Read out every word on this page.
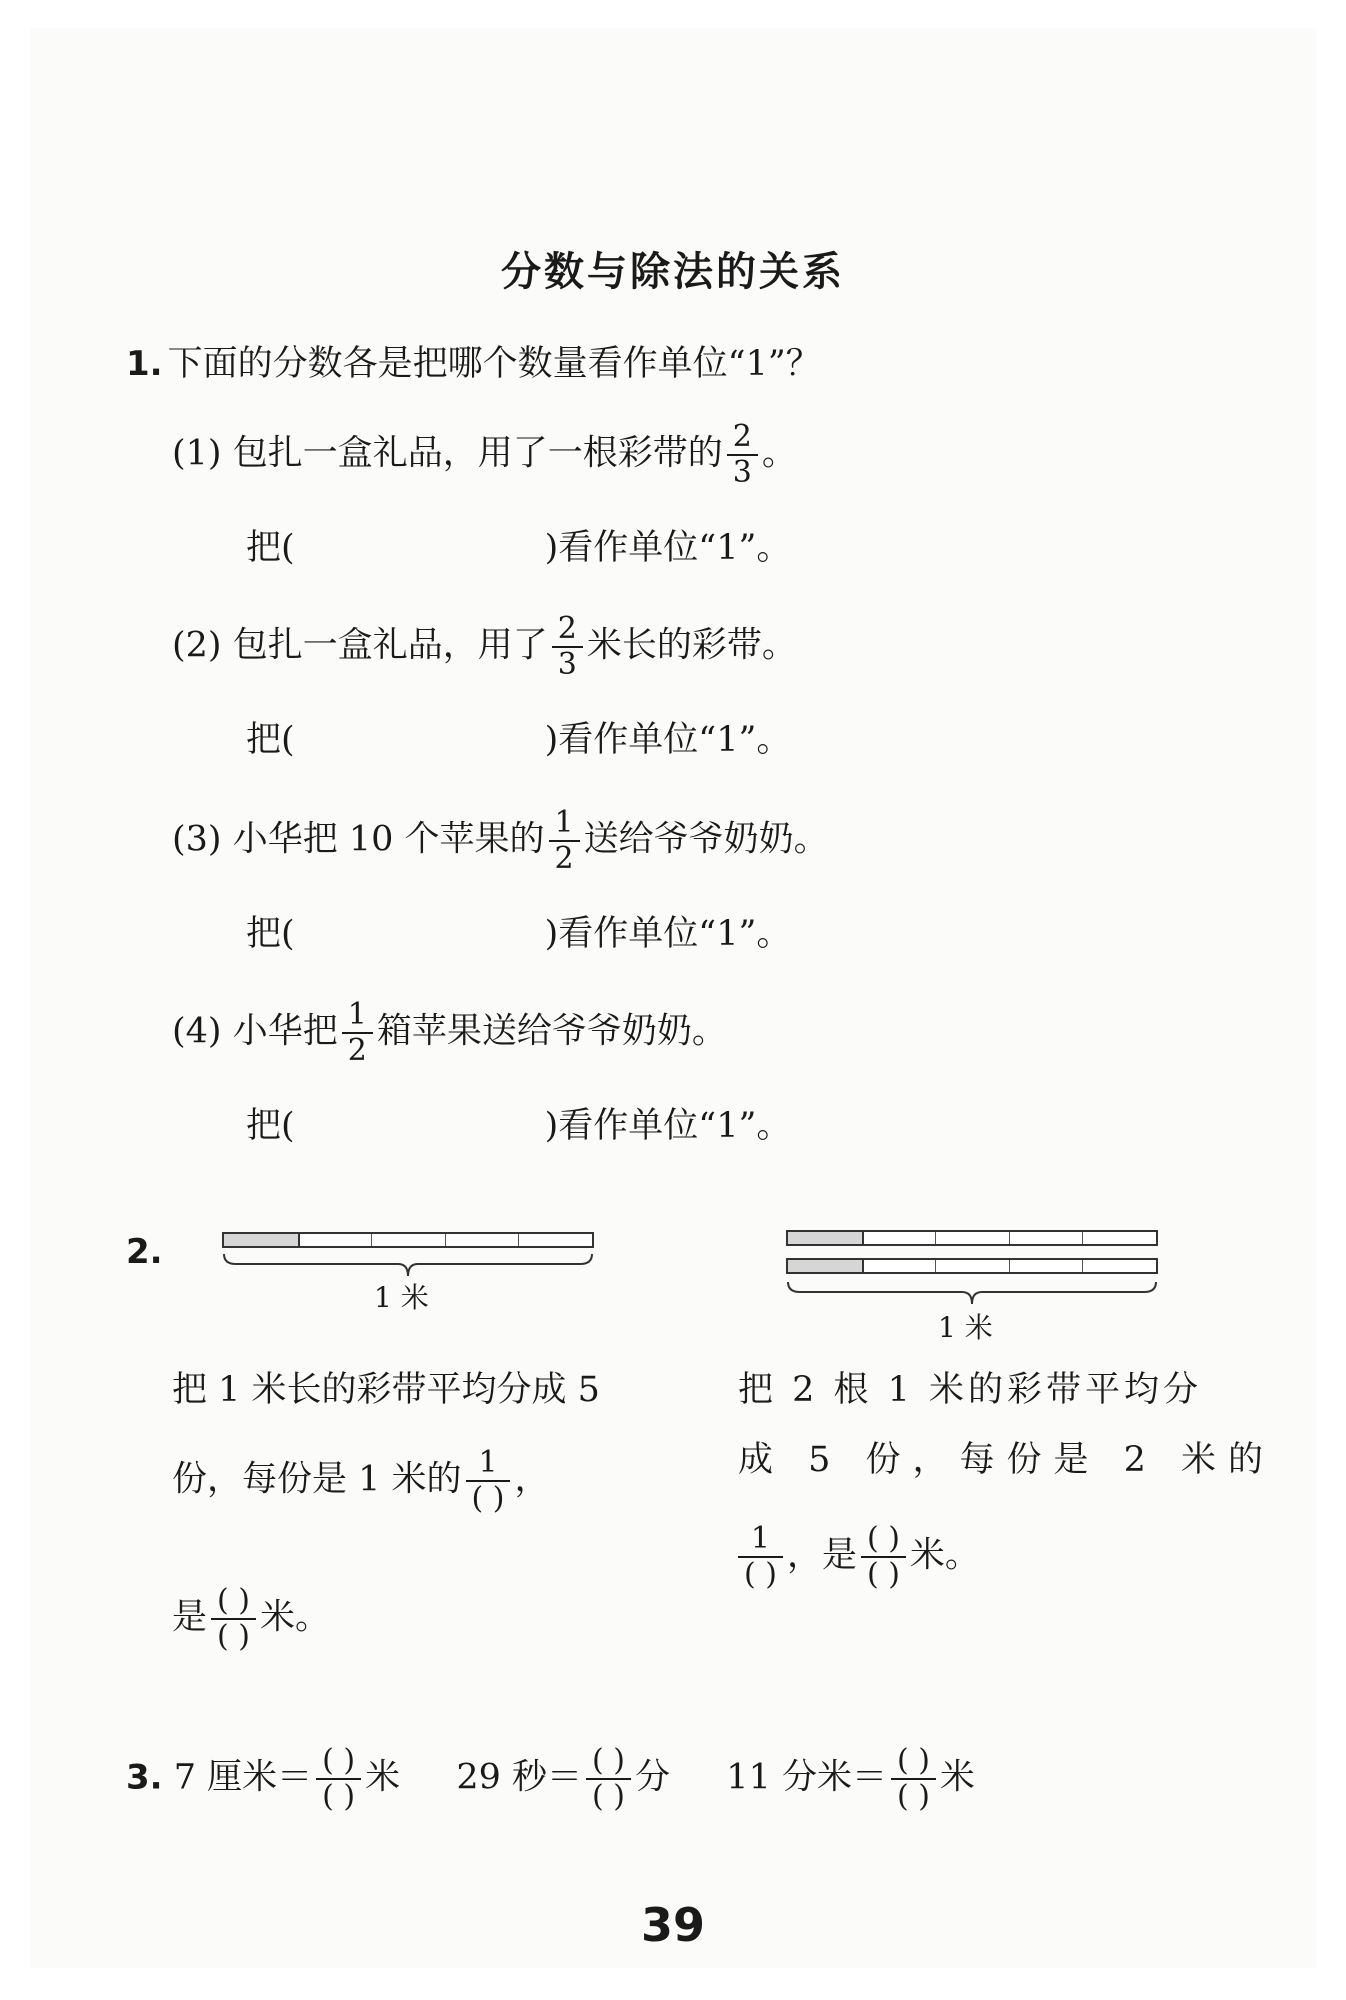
分数与除法的关系
1. 下面的分数各是把哪个数量看作单位“1”？
(1) 包扎一盒礼品，用了一根彩带的 $\frac{2}{3}$ 。
把(	)看作单位“1”。
(2) 包扎一盒礼品，用了 $\frac{2}{3}$ 米长的彩带。
把(	)看作单位“1”。
(3) 小华把 10 个苹果的 $\frac{1}{2}$ 送给爷爷奶奶。
把(	)看作单位“1”。
(4) 小华把 $\frac{1}{2}$ 箱苹果送给爷爷奶奶。
把(	)看作单位“1”。
2.
1 米
1 米
把 1 米长的彩带平均分成 5
份，每份是 1 米的 $\frac{1}{( )}$ ，
是 $\frac{( )}{( )}$ 米。
把 2 根 1 米的彩带平均分
成 5 份，每份是 2 米的
$\frac{1}{( )}$ ，是 $\frac{( )}{( )}$ 米。
3. 7 厘米＝ $\frac{( )}{( )}$ 米 29 秒＝ $\frac{( )}{( )}$ 分 11 分米＝ $\frac{( )}{( )}$ 米
39
